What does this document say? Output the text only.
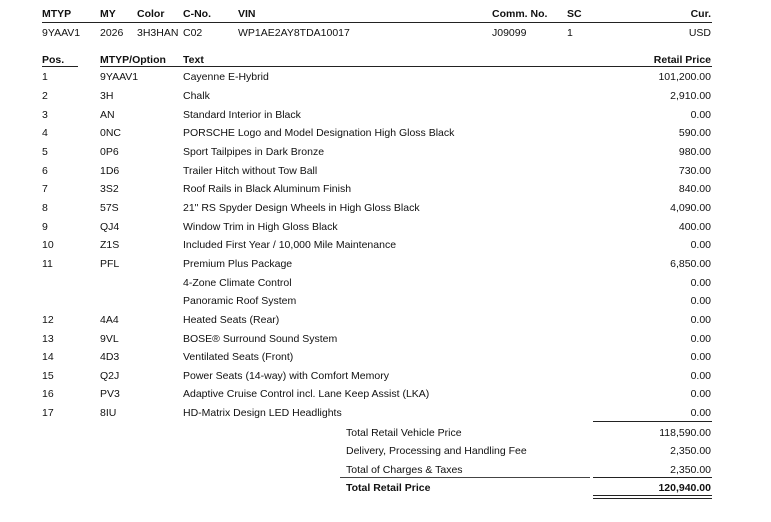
MTYP	MY Color C-No.	VIN	Comm. No. SC	Cur.
9YAAV1 2026 3H3HAN C02	WP1AE2AY8TDA10017	J09099	1	USD
Pos.	MTYP/Option Text	Retail Price
1	9YAAV1	Cayenne E-Hybrid	101,200.00
2	3H	Chalk	2,910.00
3	AN	Standard Interior in Black	0.00
4	0NC	PORSCHE Logo and Model Designation High Gloss Black	590.00
5	0P6	Sport Tailpipes in Dark Bronze	980.00
6	1D6	Trailer Hitch without Tow Ball	730.00
7	3S2	Roof Rails in Black Aluminum Finish	840.00
8	57S	21" RS Spyder Design Wheels in High Gloss Black	4,090.00
9	QJ4	Window Trim in High Gloss Black	400.00
10	Z1S	Included First Year / 10,000 Mile Maintenance	0.00
11	PFL	Premium Plus Package	6,850.00
4-Zone Climate Control	0.00
Panoramic Roof System	0.00
12	4A4	Heated Seats (Rear)	0.00
13	9VL	BOSE® Surround Sound System	0.00
14	4D3	Ventilated Seats (Front)	0.00
15	Q2J	Power Seats (14-way) with Comfort Memory	0.00
16	PV3	Adaptive Cruise Control incl. Lane Keep Assist (LKA)	0.00
17	8IU	HD-Matrix Design LED Headlights	0.00
Total Retail Vehicle Price	118,590.00
Delivery, Processing and Handling Fee	2,350.00
Total of Charges & Taxes	2,350.00
Total Retail Price	120,940.00
